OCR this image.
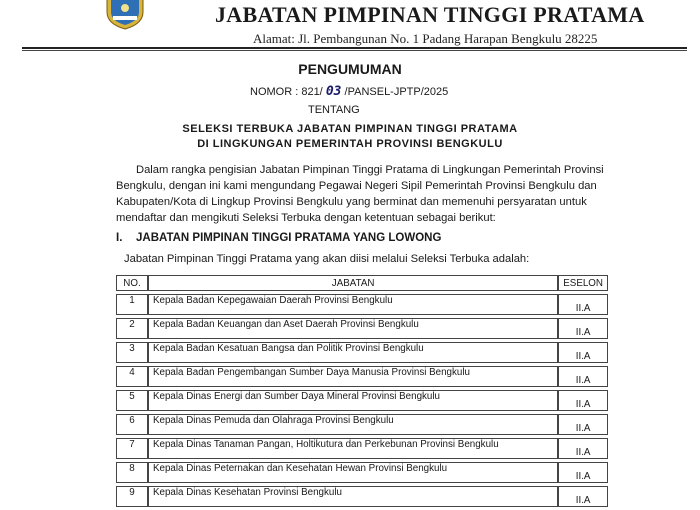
JABATAN PIMPINAN TINGGI PRATAMA
Alamat: Jl. Pembangunan No. 1 Padang Harapan Bengkulu 28225
PENGUMUMAN
NOMOR : 821/ 03 /PANSEL-JPTP/2025
TENTANG
SELEKSI TERBUKA JABATAN PIMPINAN TINGGI PRATAMA
DI LINGKUNGAN PEMERINTAH PROVINSI BENGKULU
Dalam rangka pengisian Jabatan Pimpinan Tinggi Pratama di Lingkungan Pemerintah Provinsi
Bengkulu, dengan ini kami mengundang Pegawai Negeri Sipil Pemerintah Provinsi Bengkulu dan
Kabupaten/Kota di Lingkup Provinsi Bengkulu yang berminat dan memenuhi persyaratan untuk
mendaftar dan mengikuti Seleksi Terbuka dengan ketentuan sebagai berikut:
I. JABATAN PIMPINAN TINGGI PRATAMA YANG LOWONG
Jabatan Pimpinan Tinggi Pratama yang akan diisi melalui Seleksi Terbuka adalah:
NO.	JABATAN	ESELON
1	Kepala Badan Kepegawaian Daerah Provinsi Bengkulu	II.A
2	Kepala Badan Keuangan dan Aset Daerah Provinsi Bengkulu	II.A
3	Kepala Badan Kesatuan Bangsa dan Politik Provinsi Bengkulu	II.A
4	Kepala Badan Pengembangan Sumber Daya Manusia Provinsi Bengkulu	II.A
5	Kepala Dinas Energi dan Sumber Daya Mineral Provinsi Bengkulu	II.A
6	Kepala Dinas Pemuda dan Olahraga Provinsi Bengkulu	II.A
7	Kepala Dinas Tanaman Pangan, Holtikutura dan Perkebunan Provinsi Bengkulu	II.A
8	Kepala Dinas Peternakan dan Kesehatan Hewan Provinsi Bengkulu	II.A
9	Kepala Dinas Kesehatan Provinsi Bengkulu	II.A
